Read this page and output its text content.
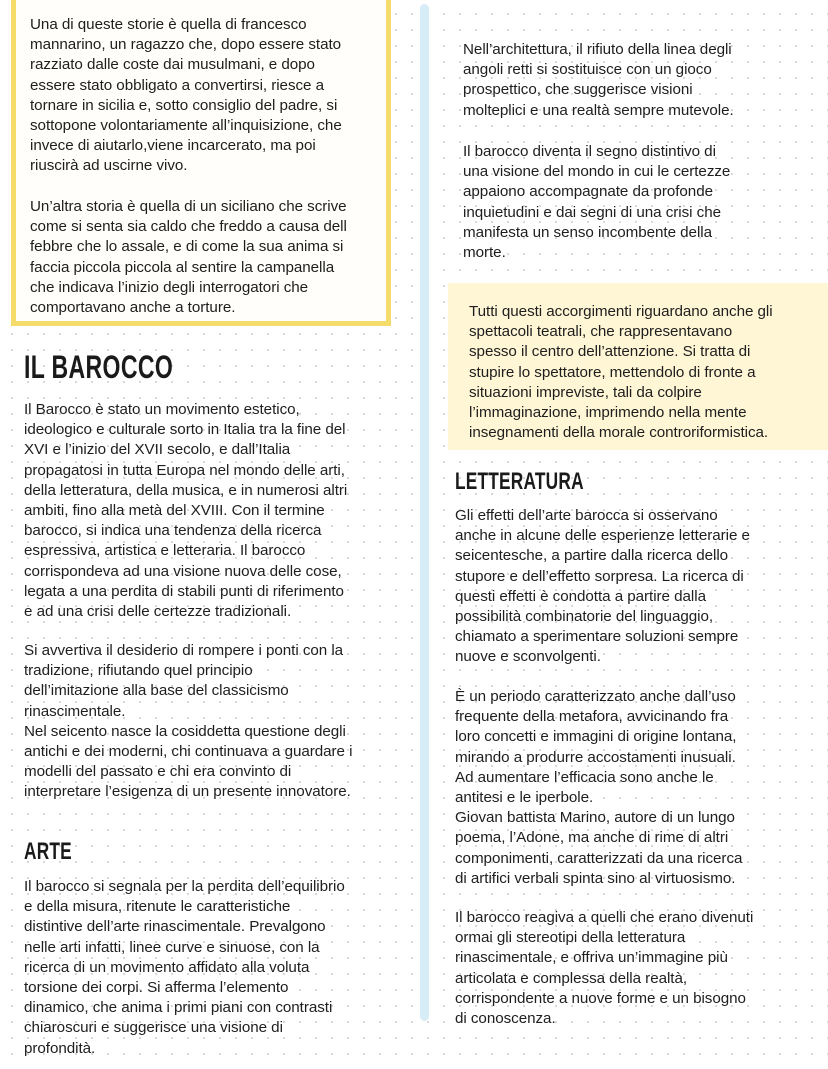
Una di queste storie è quella di francesco
mannarino, un ragazzo che, dopo essere stato
razziato dalle coste dai musulmani, e dopo
essere stato obbligato a convertirsi, riesce a
tornare in sicilia e, sotto consiglio del padre, si
sottopone volontariamente all’inquisizione, che
invece di aiutarlo,viene incarcerato, ma poi
riuscirà ad uscirne vivo.

Un’altra storia è quella di un siciliano che scrive
come si senta sia caldo che freddo a causa dell
febbre che lo assale, e di come la sua anima si
faccia piccola piccola al sentire la campanella
che indicava l’inizio degli interrogatori che
comportavano anche a torture.

IL BAROCCO

Il Barocco è stato un movimento estetico,
ideologico e culturale sorto in Italia tra la fine del
XVI e l’inizio del XVII secolo, e dall’Italia
propagatosi in tutta Europa nel mondo delle arti,
della letteratura, della musica, e in numerosi altri
ambiti, fino alla metà del XVIII. Con il termine
barocco, si indica una tendenza della ricerca
espressiva, artistica e letteraria. Il barocco
corrispondeva ad una visione nuova delle cose,
legata a una perdita di stabili punti di riferimento
e ad una crisi delle certezze tradizionali.

Si avvertiva il desiderio di rompere i ponti con la
tradizione, rifiutando quel principio
dell’imitazione alla base del classicismo
rinascimentale.
Nel seicento nasce la cosiddetta questione degli
antichi e dei moderni, chi continuava a guardare i
modelli del passato e chi era convinto di
interpretare l’esigenza di un presente innovatore.

ARTE

Il barocco si segnala per la perdita dell’equilibrio
e della misura, ritenute le caratteristiche
distintive dell’arte rinascimentale. Prevalgono
nelle arti infatti, linee curve e sinuose, con la
ricerca di un movimento affidato alla voluta
torsione dei corpi. Si afferma l’elemento
dinamico, che anima i primi piani con contrasti
chiaroscuri e suggerisce una visione di
profondità.

Nell’architettura, il rifiuto della linea degli
angoli retti si sostituisce con un gioco
prospettico, che suggerisce visioni
molteplici e una realtà sempre mutevole.

Il barocco diventa il segno distintivo di
una visione del mondo in cui le certezze
appaiono accompagnate da profonde
inquietudini e dai segni di una crisi che
manifesta un senso incombente della
morte.

Tutti questi accorgimenti riguardano anche gli
spettacoli teatrali, che rappresentavano
spesso il centro dell’attenzione. Si tratta di
stupire lo spettatore, mettendolo di fronte a
situazioni impreviste, tali da colpire
l’immaginazione, imprimendo nella mente
insegnamenti della morale controriformistica.

LETTERATURA

Gli effetti dell’arte barocca si osservano
anche in alcune delle esperienze letterarie e
seicentesche, a partire dalla ricerca dello
stupore e dell’effetto sorpresa. La ricerca di
questi effetti è condotta a partire dalla
possibilità combinatorie del linguaggio,
chiamato a sperimentare soluzioni sempre
nuove e sconvolgenti.

È un periodo caratterizzato anche dall’uso
frequente della metafora, avvicinando fra
loro concetti e immagini di origine lontana,
mirando a produrre accostamenti inusuali.
Ad aumentare l’efficacia sono anche le
antitesi e le iperbole.
Giovan battista Marino, autore di un lungo
poema, l’Adone, ma anche di rime di altri
componimenti, caratterizzati da una ricerca
di artifici verbali spinta sino al virtuosismo.

Il barocco reagiva a quelli che erano divenuti
ormai gli stereotipi della letteratura
rinascimentale, e offriva un’immagine più
articolata e complessa della realtà,
corrispondente a nuove forme e un bisogno
di conoscenza.
